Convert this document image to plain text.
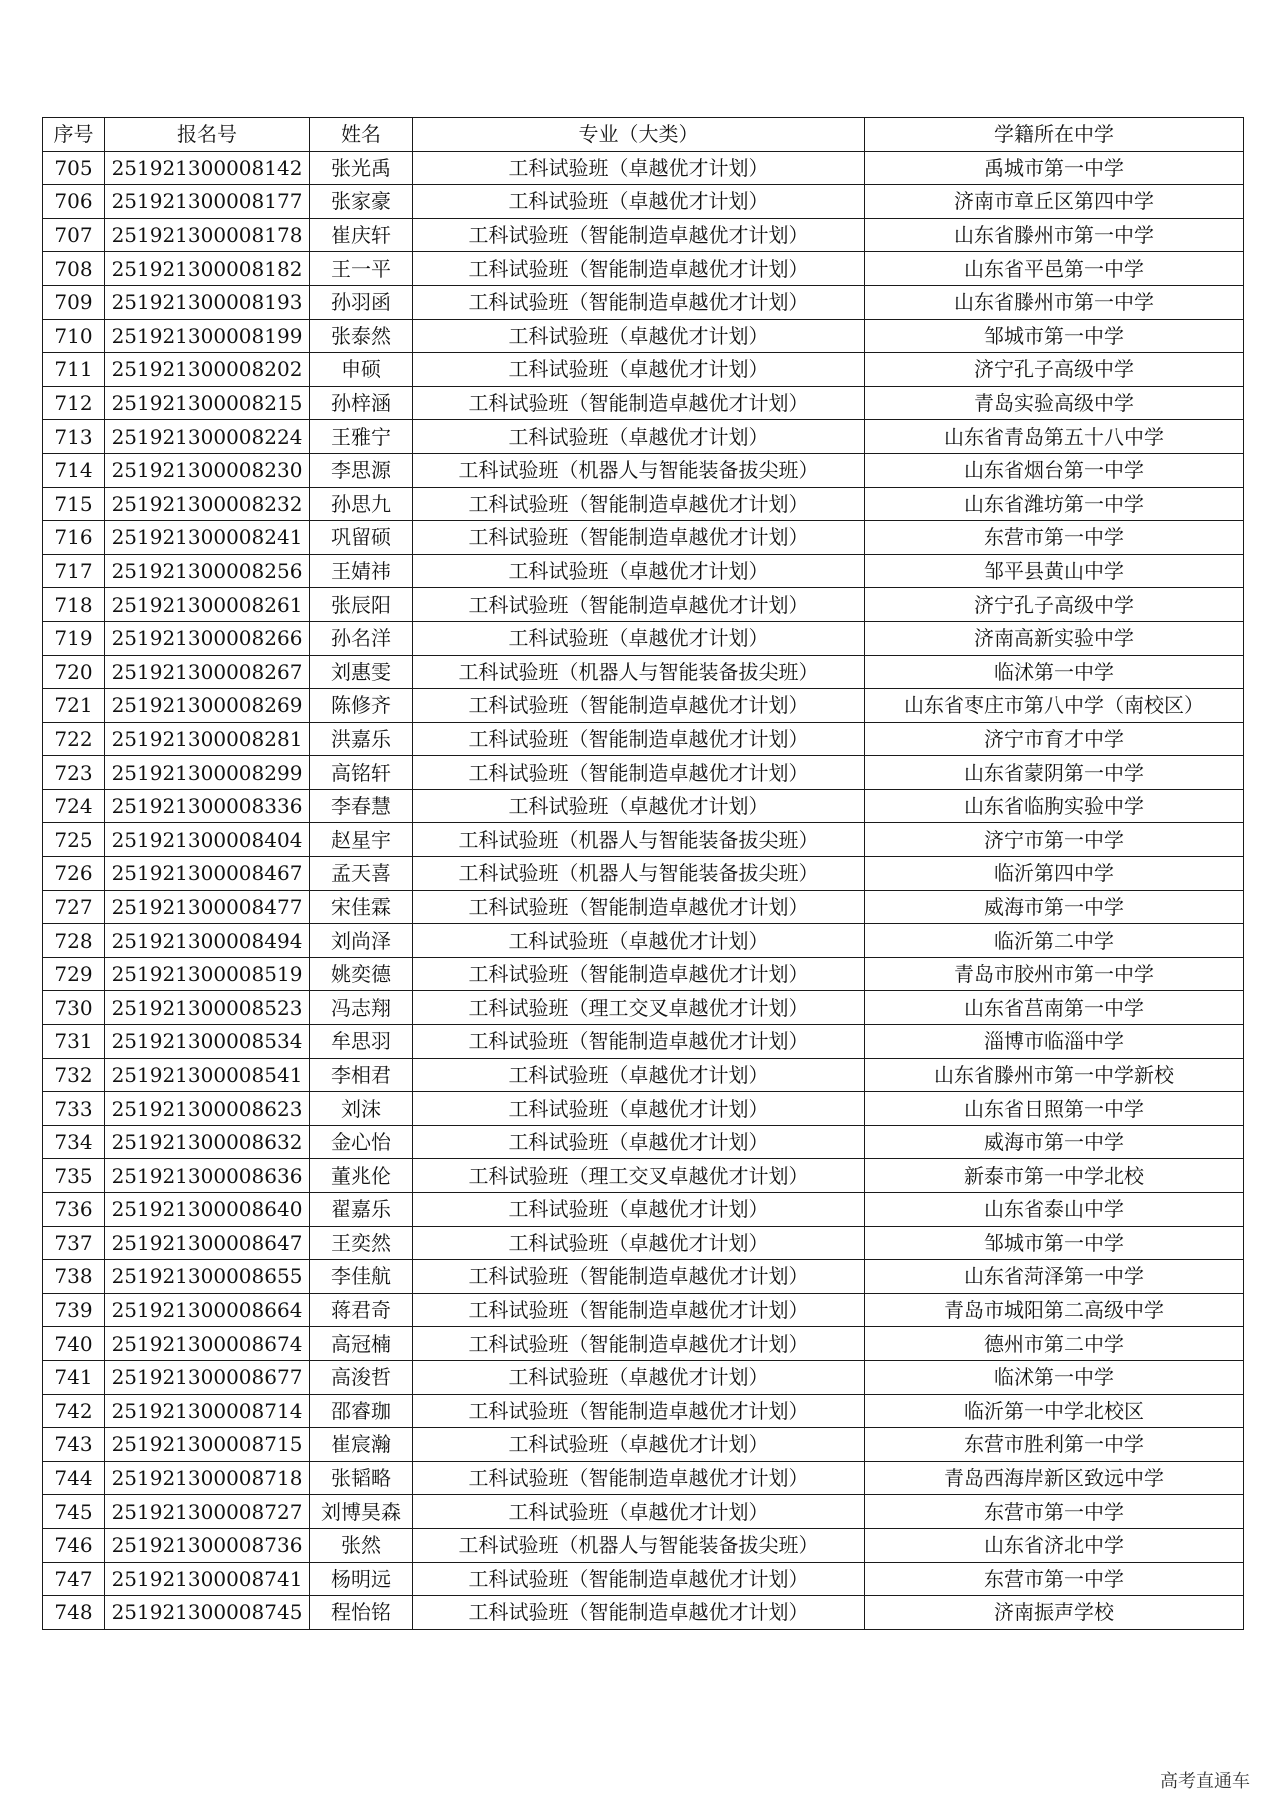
序号	报名号	姓名	专业（大类）	学籍所在中学
705	251921300008142	张光禹	工科试验班（卓越优才计划）	禹城市第一中学
706	251921300008177	张家豪	工科试验班（卓越优才计划）	济南市章丘区第四中学
707	251921300008178	崔庆轩	工科试验班（智能制造卓越优才计划）	山东省滕州市第一中学
708	251921300008182	王一平	工科试验班（智能制造卓越优才计划）	山东省平邑第一中学
709	251921300008193	孙羽函	工科试验班（智能制造卓越优才计划）	山东省滕州市第一中学
710	251921300008199	张泰然	工科试验班（卓越优才计划）	邹城市第一中学
711	251921300008202	申硕	工科试验班（卓越优才计划）	济宁孔子高级中学
712	251921300008215	孙梓涵	工科试验班（智能制造卓越优才计划）	青岛实验高级中学
713	251921300008224	王雅宁	工科试验班（卓越优才计划）	山东省青岛第五十八中学
714	251921300008230	李思源	工科试验班（机器人与智能装备拔尖班）	山东省烟台第一中学
715	251921300008232	孙思九	工科试验班（智能制造卓越优才计划）	山东省潍坊第一中学
716	251921300008241	巩留硕	工科试验班（智能制造卓越优才计划）	东营市第一中学
717	251921300008256	王婧祎	工科试验班（卓越优才计划）	邹平县黄山中学
718	251921300008261	张辰阳	工科试验班（智能制造卓越优才计划）	济宁孔子高级中学
719	251921300008266	孙名洋	工科试验班（卓越优才计划）	济南高新实验中学
720	251921300008267	刘惠雯	工科试验班（机器人与智能装备拔尖班）	临沭第一中学
721	251921300008269	陈修齐	工科试验班（智能制造卓越优才计划）	山东省枣庄市第八中学（南校区）
722	251921300008281	洪嘉乐	工科试验班（智能制造卓越优才计划）	济宁市育才中学
723	251921300008299	高铭轩	工科试验班（智能制造卓越优才计划）	山东省蒙阴第一中学
724	251921300008336	李春慧	工科试验班（卓越优才计划）	山东省临朐实验中学
725	251921300008404	赵星宇	工科试验班（机器人与智能装备拔尖班）	济宁市第一中学
726	251921300008467	孟天喜	工科试验班（机器人与智能装备拔尖班）	临沂第四中学
727	251921300008477	宋佳霖	工科试验班（智能制造卓越优才计划）	威海市第一中学
728	251921300008494	刘尚泽	工科试验班（卓越优才计划）	临沂第二中学
729	251921300008519	姚奕德	工科试验班（智能制造卓越优才计划）	青岛市胶州市第一中学
730	251921300008523	冯志翔	工科试验班（理工交叉卓越优才计划）	山东省莒南第一中学
731	251921300008534	牟思羽	工科试验班（智能制造卓越优才计划）	淄博市临淄中学
732	251921300008541	李相君	工科试验班（卓越优才计划）	山东省滕州市第一中学新校
733	251921300008623	刘沫	工科试验班（卓越优才计划）	山东省日照第一中学
734	251921300008632	金心怡	工科试验班（卓越优才计划）	威海市第一中学
735	251921300008636	董兆伦	工科试验班（理工交叉卓越优才计划）	新泰市第一中学北校
736	251921300008640	翟嘉乐	工科试验班（卓越优才计划）	山东省泰山中学
737	251921300008647	王奕然	工科试验班（卓越优才计划）	邹城市第一中学
738	251921300008655	李佳航	工科试验班（智能制造卓越优才计划）	山东省菏泽第一中学
739	251921300008664	蒋君奇	工科试验班（智能制造卓越优才计划）	青岛市城阳第二高级中学
740	251921300008674	高冠楠	工科试验班（智能制造卓越优才计划）	德州市第二中学
741	251921300008677	高浚哲	工科试验班（卓越优才计划）	临沭第一中学
742	251921300008714	邵睿珈	工科试验班（智能制造卓越优才计划）	临沂第一中学北校区
743	251921300008715	崔宸瀚	工科试验班（卓越优才计划）	东营市胜利第一中学
744	251921300008718	张韬略	工科试验班（智能制造卓越优才计划）	青岛西海岸新区致远中学
745	251921300008727	刘博昊森	工科试验班（卓越优才计划）	东营市第一中学
746	251921300008736	张然	工科试验班（机器人与智能装备拔尖班）	山东省济北中学
747	251921300008741	杨明远	工科试验班（智能制造卓越优才计划）	东营市第一中学
748	251921300008745	程怡铭	工科试验班（智能制造卓越优才计划）	济南振声学校
高考直通车
